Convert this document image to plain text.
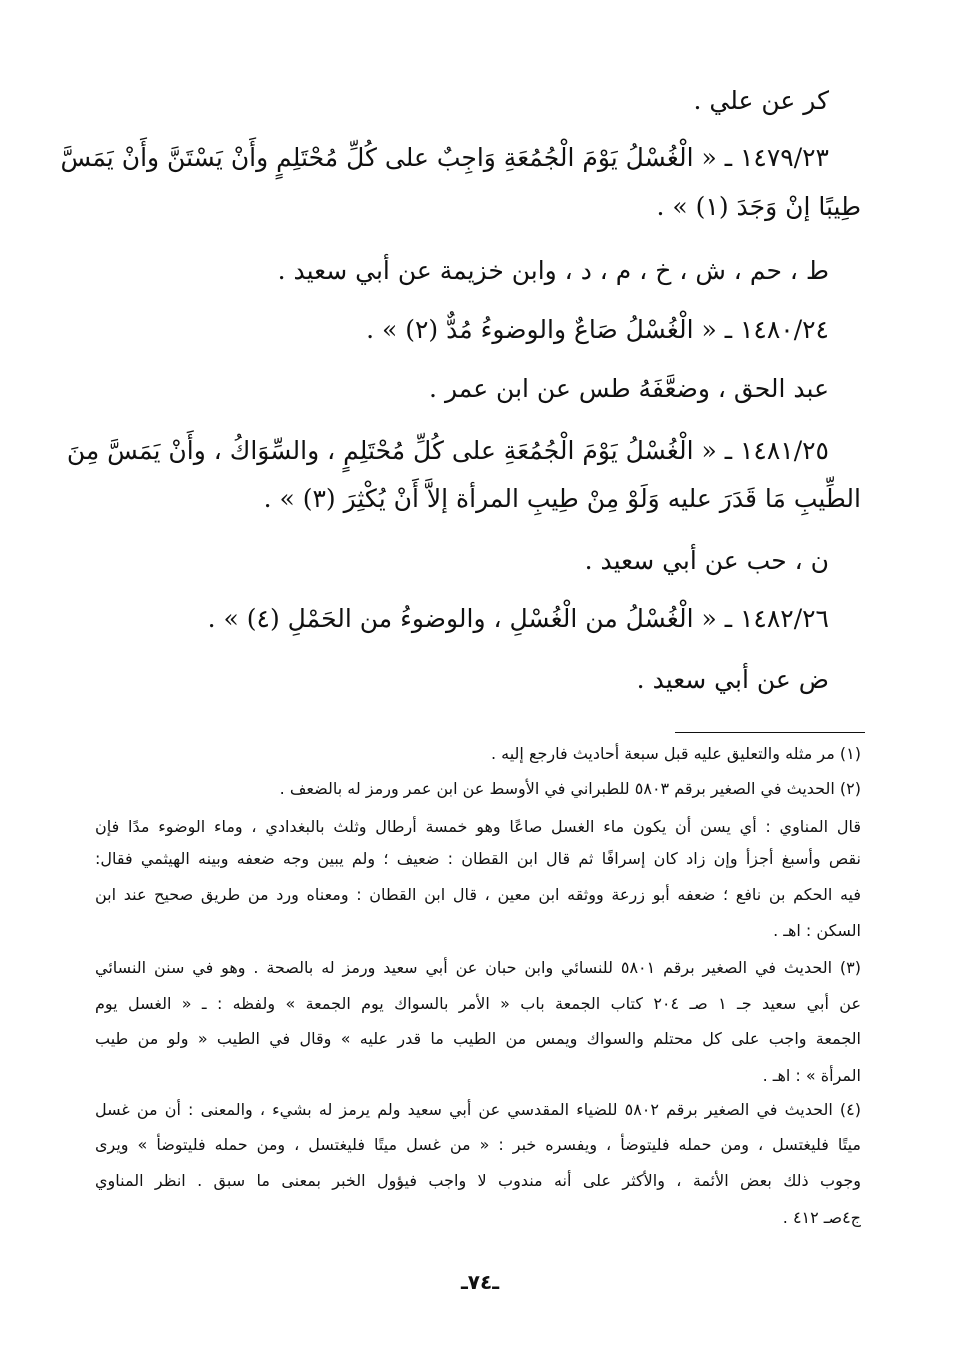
كر عن علي .
١٤٧٩/٢٣ ـ « الْغُسْلُ يَوْمَ الْجُمُعَةِ وَاجِبٌ على كُلِّ مُحْتَلِمٍ وأَنْ يَسْتَنَّ وأَنْ يَمَسَّ
طِيبًا إنْ وَجَدَ (١) » .
ط ، حم ، ش ، خ ، م ، د ، وابن خزيمة عن أبي سعيد .
١٤٨٠/٢٤ ـ « الْغُسْلُ صَاعٌ والوضوءُ مُدٌّ (٢) » .
عبد الحق ، وضعَّفَهُ طس عن ابن عمر .
١٤٨١/٢٥ ـ « الْغُسْلُ يَوْمَ الْجُمُعَةِ على كُلِّ مُحْتَلِمٍ ، والسِّوَاكُ ، وأَنْ يَمَسَّ مِنَ
الطِّيبِ مَا قَدَرَ عليه وَلَوْ مِنْ طِيبِ المرأة إلاَّ أَنْ يُكْثِرَ (٣) » .
ن ، حب عن أبي سعيد .
١٤٨٢/٢٦ ـ « الْغُسْلُ من الْغُسْلِ ، والوضوءُ من الحَمْلِ (٤) » .
ض عن أبي سعيد .
(١) مر مثله والتعليق عليه قبل سبعة أحاديث فارجع إليه .
(٢) الحديث في الصغير برقم ٥٨٠٣ للطبراني في الأوسط عن ابن عمر ورمز له بالضعف .
قال المناوي : أي يسن أن يكون ماء الغسل صاعًا وهو خمسة أرطال وثلث بالبغدادي ، وماء الوضوء مدًا فإن
نقص وأسبغ أجزأ وإن زاد كان إسرافًا ثم قال ابن القطان : ضعيف ؛ ولم يبين وجه ضعفه وبينه الهيثمي فقال:
فيه الحكم بن نافع ؛ ضعفه أبو زرعة ووثقه ابن معين ، قال ابن القطان : ومعناه ورد من طريق صحيح عند ابن
السكن : اهـ .
(٣) الحديث في الصغير برقم ٥٨٠١ للنسائي وابن حبان عن أبي سعيد ورمز له بالصحة . وهو في سنن النسائي
عن أبي سعيد جـ ١ صـ ٢٠٤ كتاب الجمعة باب « الأمر بالسواك يوم الجمعة » ولفظه : ـ « الغسل يوم
الجمعة واجب على كل محتلم والسواك ويمس من الطيب ما قدر عليه » وقال في الطيب « ولو من طيب
المرأة » : اهـ .
(٤) الحديث في الصغير برقم ٥٨٠٢ للضياء المقدسي عن أبي سعيد ولم يرمز له بشيء ، والمعنى : أن من غسل
ميتًا فليغتسل ، ومن حمله فليتوضأ ، ويفسره خبر : « من غسل ميتًا فليغتسل ، ومن حمله فليتوضأ » ويرى
وجوب ذلك بعض الأئمة ، والأكثر على أنه مندوب لا واجب فيؤول الخبر بمعنى ما سبق . انظر المناوي
ج٤صـ ٤١٢ .
ـ٧٤ـ
